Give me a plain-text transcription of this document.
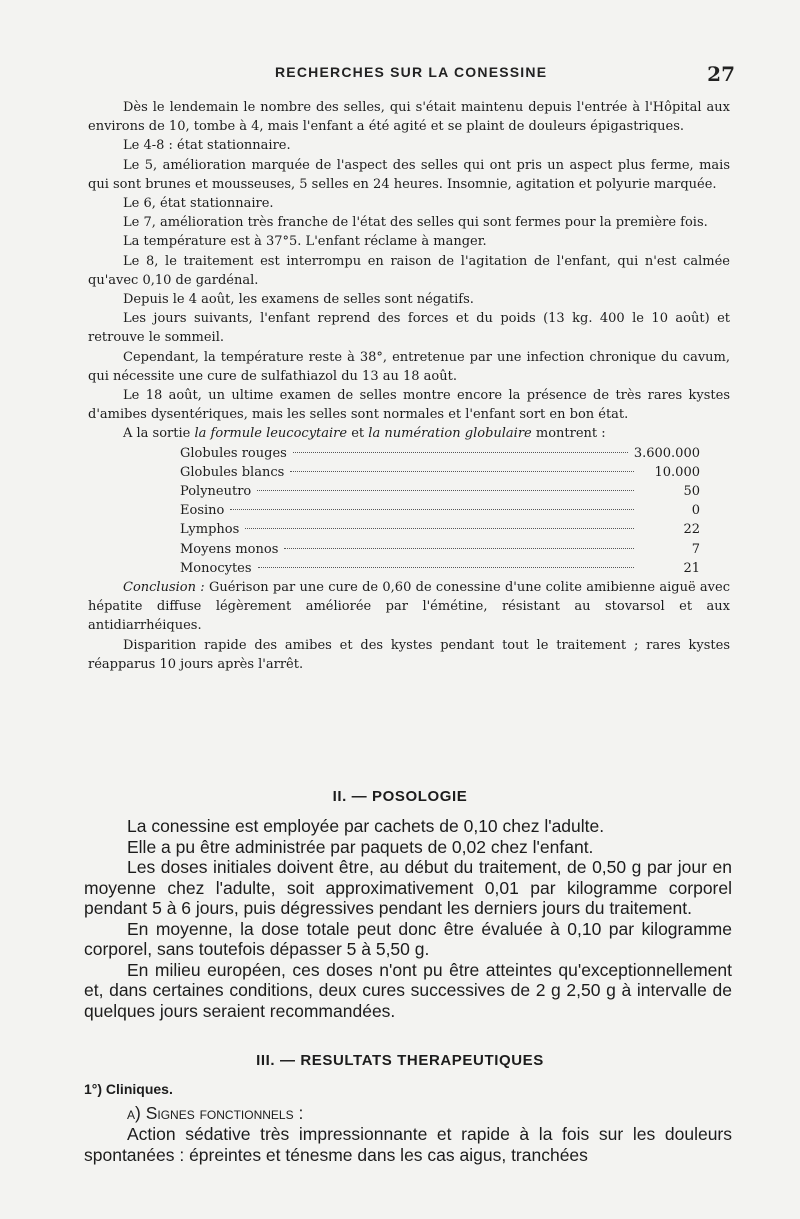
RECHERCHES SUR LA CONESSINE	27

Dès le lendemain le nombre des selles, qui s'était maintenu depuis l'entrée à l'Hôpital aux environs de 10, tombe à 4, mais l'enfant a été agité et se plaint de douleurs épigastriques.

Le 4-8 : état stationnaire.

Le 5, amélioration marquée de l'aspect des selles qui ont pris un aspect plus ferme, mais qui sont brunes et mousseuses, 5 selles en 24 heures. Insomnie, agitation et polyurie marquée.

Le 6, état stationnaire.

Le 7, amélioration très franche de l'état des selles qui sont fermes pour la première fois.

La température est à 37°5. L'enfant réclame à manger.

Le 8, le traitement est interrompu en raison de l'agitation de l'enfant, qui n'est calmée qu'avec 0,10 de gardénal.

Depuis le 4 août, les examens de selles sont négatifs.

Les jours suivants, l'enfant reprend des forces et du poids (13 kg. 400 le 10 août) et retrouve le sommeil.

Cependant, la température reste à 38°, entretenue par une infection chronique du cavum, qui nécessite une cure de sulfathiazol du 13 au 18 août.

Le 18 août, un ultime examen de selles montre encore la présence de très rares kystes d'amibes dysentériques, mais les selles sont normales et l'enfant sort en bon état.

A la sortie la formule leucocytaire et la numération globulaire montrent :

Globules rouges	3.600.000
Globules blancs	10.000
Polyneutro	50
Eosino	0
Lymphos	22
Moyens monos	7
Monocytes	21

Conclusion : Guérison par une cure de 0,60 de conessine d'une colite amibienne aiguë avec hépatite diffuse légèrement améliorée par l'émétine, résistant au stovarsol et aux antidiarrhéiques.

Disparition rapide des amibes et des kystes pendant tout le traitement ; rares kystes réapparus 10 jours après l'arrêt.

II. — POSOLOGIE

La conessine est employée par cachets de 0,10 chez l'adulte.

Elle a pu être administrée par paquets de 0,02 chez l'enfant.

Les doses initiales doivent être, au début du traitement, de 0,50 g par jour en moyenne chez l'adulte, soit approximativement 0,01 par kilogramme corporel pendant 5 à 6 jours, puis dégressives pendant les derniers jours du traitement.

En moyenne, la dose totale peut donc être évaluée à 0,10 par kilogramme corporel, sans toutefois dépasser 5 à 5,50 g.

En milieu européen, ces doses n'ont pu être atteintes qu'exceptionnellement et, dans certaines conditions, deux cures successives de 2 g 2,50 g à intervalle de quelques jours seraient recommandées.

III. — RESULTATS THERAPEUTIQUES
1°) Cliniques.

a) Signes fonctionnels :

Action sédative très impressionnante et rapide à la fois sur les douleurs spontanées : épreintes et ténesme dans les cas aigus, tranchées
